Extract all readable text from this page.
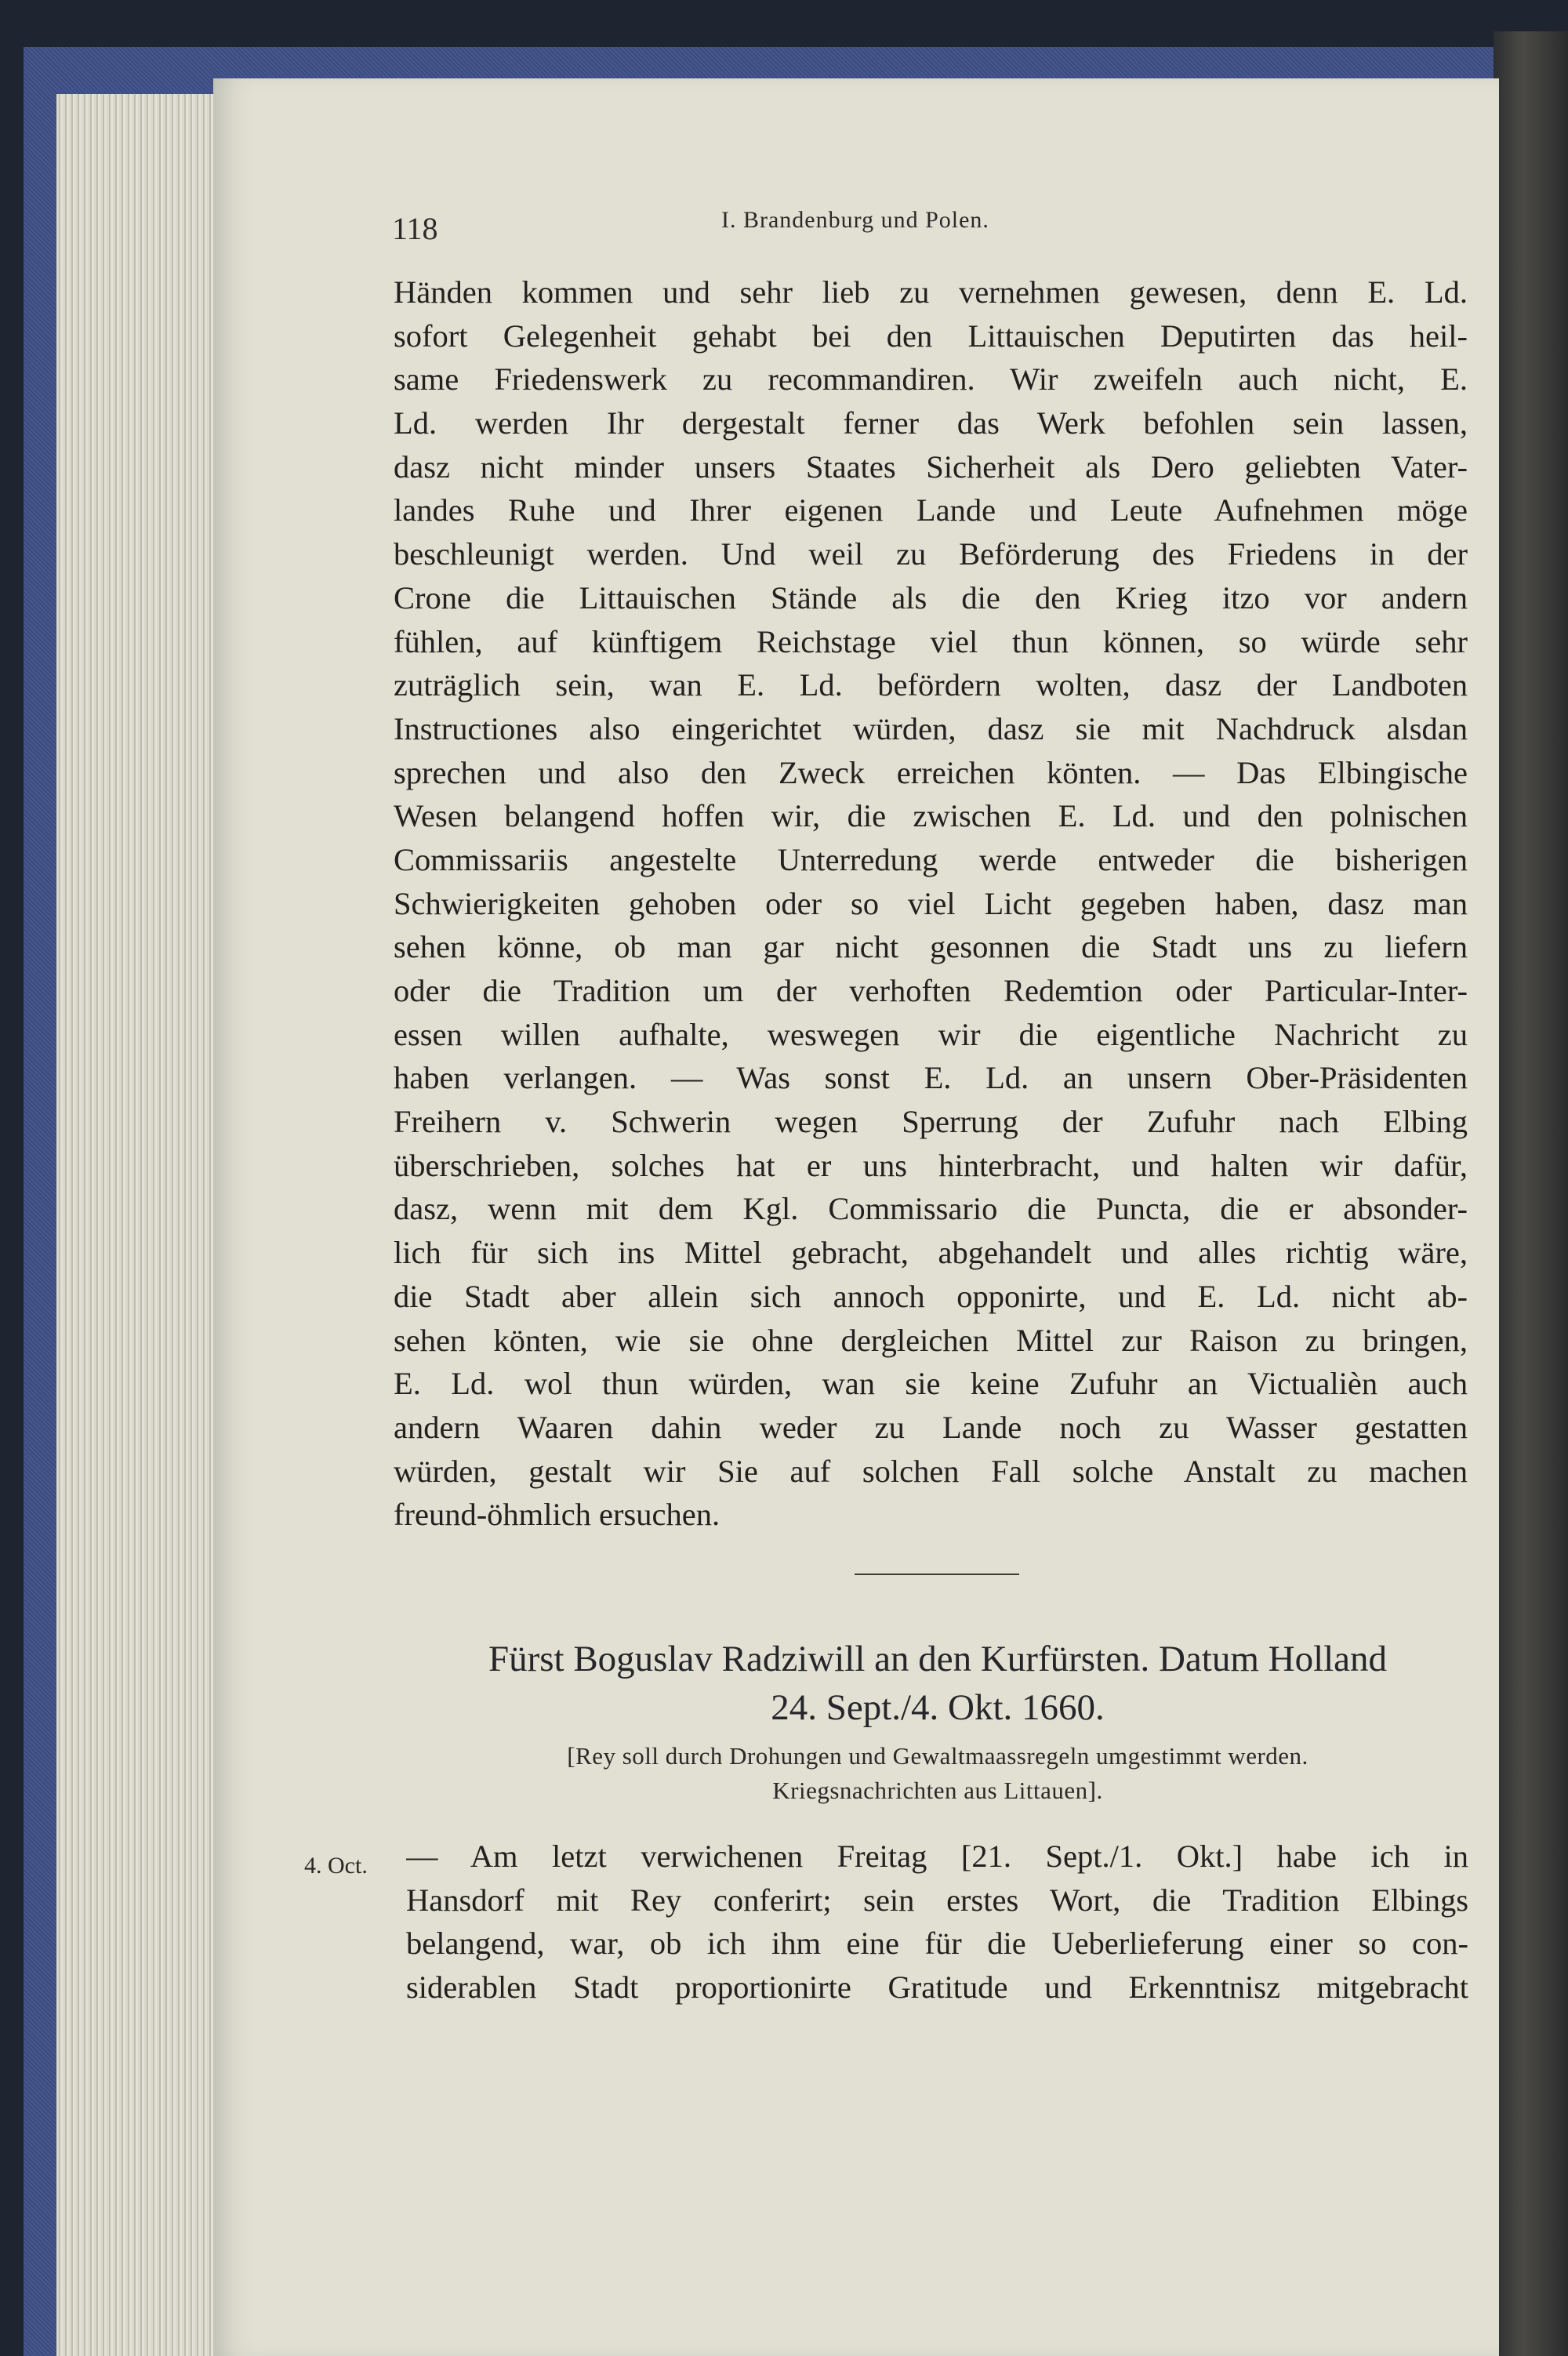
118	I. Brandenburg und Polen.
Händen kommen und sehr lieb zu vernehmen gewesen, denn E. Ld.
sofort Gelegenheit gehabt bei den Littauischen Deputirten das heil-
same Friedenswerk zu recommandiren. Wir zweifeln auch nicht, E.
Ld. werden Ihr dergestalt ferner das Werk befohlen sein lassen,
dasz nicht minder unsers Staates Sicherheit als Dero geliebten Vater-
landes Ruhe und Ihrer eigenen Lande und Leute Aufnehmen möge
beschleunigt werden. Und weil zu Beförderung des Friedens in der
Crone die Littauischen Stände als die den Krieg itzo vor andern
fühlen, auf künftigem Reichstage viel thun können, so würde sehr
zuträglich sein, wan E. Ld. befördern wolten, dasz der Landboten
Instructiones also eingerichtet würden, dasz sie mit Nachdruck alsdan
sprechen und also den Zweck erreichen könten. — Das Elbingische
Wesen belangend hoffen wir, die zwischen E. Ld. und den polnischen
Commissariis angestelte Unterredung werde entweder die bisherigen
Schwierigkeiten gehoben oder so viel Licht gegeben haben, dasz man
sehen könne, ob man gar nicht gesonnen die Stadt uns zu liefern
oder die Tradition um der verhoften Redemtion oder Particular-Inter-
essen willen aufhalte, weswegen wir die eigentliche Nachricht zu
haben verlangen. — Was sonst E. Ld. an unsern Ober-Präsidenten
Freihern v. Schwerin wegen Sperrung der Zufuhr nach Elbing
überschrieben, solches hat er uns hinterbracht, und halten wir dafür,
dasz, wenn mit dem Kgl. Commissario die Puncta, die er absonder-
lich für sich ins Mittel gebracht, abgehandelt und alles richtig wäre,
die Stadt aber allein sich annoch opponirte, und E. Ld. nicht ab-
sehen könten, wie sie ohne dergleichen Mittel zur Raison zu bringen,
E. Ld. wol thun würden, wan sie keine Zufuhr an Victualièn auch
andern Waaren dahin weder zu Lande noch zu Wasser gestatten
würden, gestalt wir Sie auf solchen Fall solche Anstalt zu machen
freund-öhmlich ersuchen.
Fürst Boguslav Radziwill an den Kurfürsten. Datum Holland
24. Sept./4. Okt. 1660.
[Rey soll durch Drohungen und Gewaltmaassregeln umgestimmt werden.
Kriegsnachrichten aus Littauen].
4. Oct. — Am letzt verwichenen Freitag [21. Sept./1. Okt.] habe ich in
Hansdorf mit Rey conferirt; sein erstes Wort, die Tradition Elbings
belangend, war, ob ich ihm eine für die Ueberlieferung einer so con-
siderablen Stadt proportionirte Gratitude und Erkenntnisz mitgebracht
